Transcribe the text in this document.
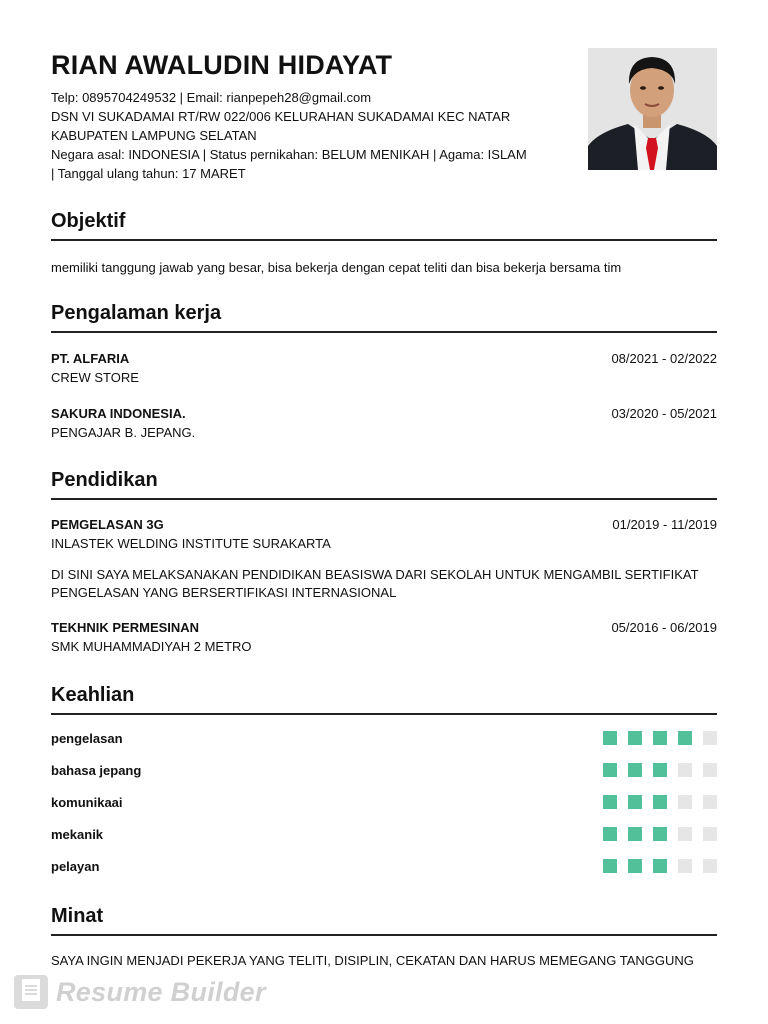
RIAN AWALUDIN HIDAYAT
Telp: 0895704249532 | Email: rianpepeh28@gmail.com
DSN VI SUKADAMAI RT/RW 022/006 KELURAHAN SUKADAMAI KEC NATAR
KABUPATEN LAMPUNG SELATAN
Negara asal: INDONESIA | Status pernikahan: BELUM MENIKAH | Agama: ISLAM
| Tanggal ulang tahun: 17 MARET
Objektif
memiliki tanggung jawab yang besar, bisa bekerja dengan cepat teliti dan bisa bekerja bersama tim
Pengalaman kerja
PT. ALFARIA
CREW STORE
08/2021 - 02/2022
SAKURA INDONESIA.
PENGAJAR B. JEPANG.
03/2020 - 05/2021
Pendidikan
PEMGELASAN 3G
INLASTEK WELDING INSTITUTE SURAKARTA
01/2019 - 11/2019
DI SINI SAYA MELAKSANAKAN PENDIDIKAN BEASISWA DARI SEKOLAH UNTUK MENGAMBIL SERTIFIKAT
PENGELASAN YANG BERSERTIFIKASI INTERNASIONAL
TEKHNIK PERMESINAN
SMK MUHAMMADIYAH 2 METRO
05/2016 - 06/2019
Keahlian
pengelasan
bahasa jepang
komunikaai
mekanik
pelayan
Minat
SAYA INGIN MENJADI PEKERJA YANG TELITI, DISIPLIN, CEKATAN DAN HARUS MEMEGANG TANGGUNG
Resume Builder
